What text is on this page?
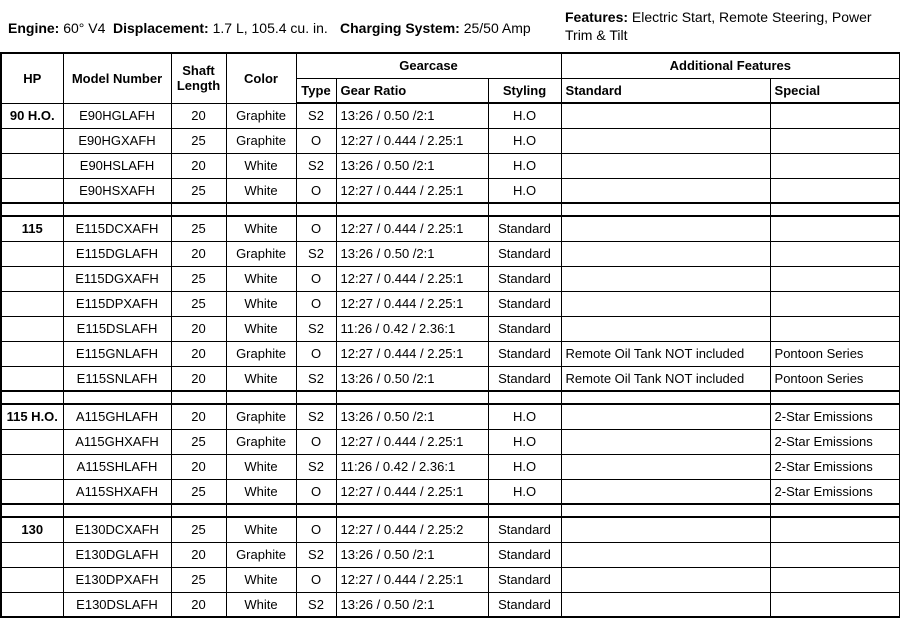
Engine: 60° V4 Displacement: 1.7 L, 105.4 cu. in. Charging System: 25/50 Amp
Features: Electric Start, Remote Steering, Power Trim & Tilt
HP	Model Number	Shaft Length	Color	Gearcase			Additional Features	
				Type	Gear Ratio	Styling	Standard	Special
90 H.O.	E90HGLAFH	20	Graphite	S2	13:26 / 0.50 /2:1	H.O		
	E90HGXAFH	25	Graphite	O	12:27 / 0.444 / 2.25:1	H.O		
	E90HSLAFH	20	White	S2	13:26 / 0.50 /2:1	H.O		
	E90HSXAFH	25	White	O	12:27 / 0.444 / 2.25:1	H.O		

115	E115DCXAFH	25	White	O	12:27 / 0.444 / 2.25:1	Standard		
	E115DGLAFH	20	Graphite	S2	13:26 / 0.50 /2:1	Standard		
	E115DGXAFH	25	White	O	12:27 / 0.444 / 2.25:1	Standard		
	E115DPXAFH	25	White	O	12:27 / 0.444 / 2.25:1	Standard		
	E115DSLAFH	20	White	S2	11:26 / 0.42 / 2.36:1	Standard		
	E115GNLAFH	20	Graphite	O	12:27 / 0.444 / 2.25:1	Standard	Remote Oil Tank NOT included	Pontoon Series
	E115SNLAFH	20	White	S2	13:26 / 0.50 /2:1	Standard	Remote Oil Tank NOT included	Pontoon Series

115 H.O.	A115GHLAFH	20	Graphite	S2	13:26 / 0.50 /2:1	H.O		2-Star Emissions
	A115GHXAFH	25	Graphite	O	12:27 / 0.444 / 2.25:1	H.O		2-Star Emissions
	A115SHLAFH	20	White	S2	11:26 / 0.42 / 2.36:1	H.O		2-Star Emissions
	A115SHXAFH	25	White	O	12:27 / 0.444 / 2.25:1	H.O		2-Star Emissions

130	E130DCXAFH	25	White	O	12:27 / 0.444 / 2.25:2	Standard		
	E130DGLAFH	20	Graphite	S2	13:26 / 0.50 /2:1	Standard		
	E130DPXAFH	25	White	O	12:27 / 0.444 / 2.25:1	Standard		
	E130DSLAFH	20	White	S2	13:26 / 0.50 /2:1	Standard		
